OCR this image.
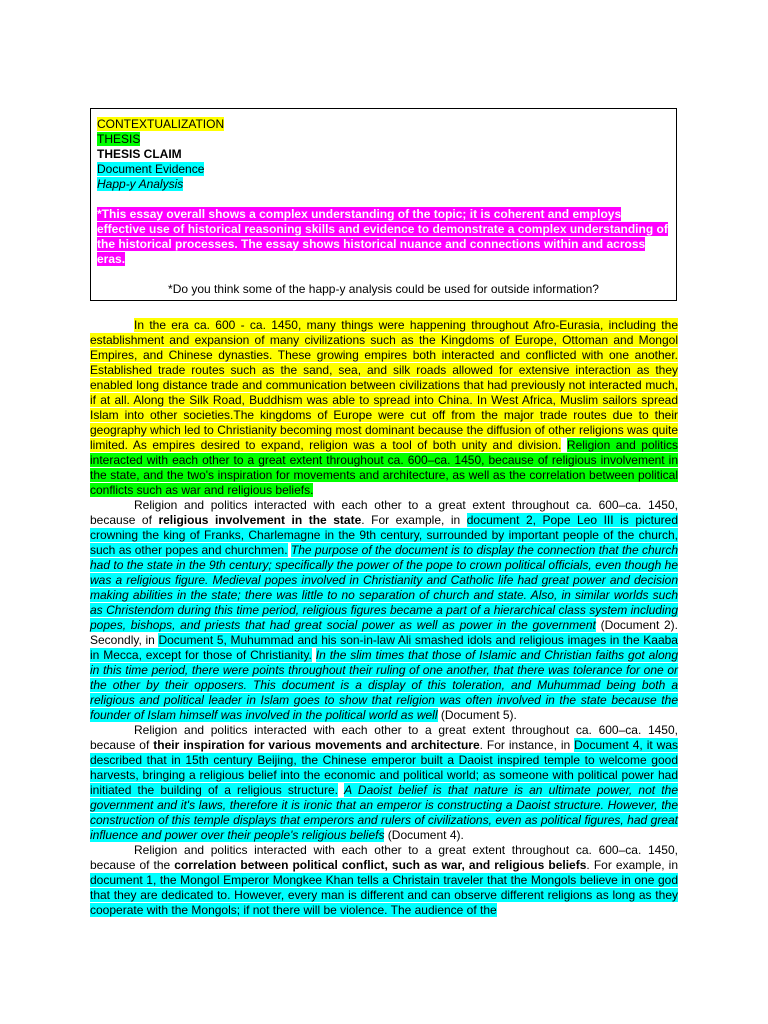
CONTEXTUALIZATION
THESIS
THESIS CLAIM
Document Evidence
Happ-y Analysis
*This essay overall shows a complex understanding of the topic; it is coherent and employs effective use of historical reasoning skills and evidence to demonstrate a complex understanding of the historical processes. The essay shows historical nuance and connections within and across eras.
*Do you think some of the happ-y analysis could be used for outside information?

In the era ca. 600 - ca. 1450, many things were happening throughout Afro-Eurasia, including the establishment and expansion of many civilizations such as the Kingdoms of Europe, Ottoman and Mongol Empires, and Chinese dynasties. These growing empires both interacted and conflicted with one another. Established trade routes such as the sand, sea, and silk roads allowed for extensive interaction as they enabled long distance trade and communication between civilizations that had previously not interacted much, if at all. Along the Silk Road, Buddhism was able to spread into China. In West Africa, Muslim sailors spread Islam into other societies.The kingdoms of Europe were cut off from the major trade routes due to their geography which led to Christianity becoming most dominant because the diffusion of other religions was quite limited. As empires desired to expand, religion was a tool of both unity and division. Religion and politics interacted with each other to a great extent throughout ca. 600–ca. 1450, because of religious involvement in the state, and the two's inspiration for movements and architecture, as well as the correlation between political conflicts such as war and religious beliefs.

Religion and politics interacted with each other to a great extent throughout ca. 600–ca. 1450, because of religious involvement in the state. For example, in document 2, Pope Leo III is pictured crowning the king of Franks, Charlemagne in the 9th century, surrounded by important people of the church, such as other popes and churchmen. The purpose of the document is to display the connection that the church had to the state in the 9th century; specifically the power of the pope to crown political officials, even though he was a religious figure. Medieval popes involved in Christianity and Catholic life had great power and decision making abilities in the state; there was little to no separation of church and state. Also, in similar worlds such as Christendom during this time period, religious figures became a part of a hierarchical class system including popes, bishops, and priests that had great social power as well as power in the government (Document 2). Secondly, in Document 5, Muhummad and his son-in-law Ali smashed idols and religious images in the Kaaba in Mecca, except for those of Christianity. In the slim times that those of Islamic and Christian faiths got along in this time period, there were points throughout their ruling of one another, that there was tolerance for one or the other by their opposers. This document is a display of this toleration, and Muhummad being both a religious and political leader in Islam goes to show that religion was often involved in the state because the founder of Islam himself was involved in the political world as well (Document 5).

Religion and politics interacted with each other to a great extent throughout ca. 600–ca. 1450, because of their inspiration for various movements and architecture. For instance, in Document 4, it was described that in 15th century Beijing, the Chinese emperor built a Daoist inspired temple to welcome good harvests, bringing a religious belief into the economic and political world; as someone with political power had initiated the building of a religious structure. A Daoist belief is that nature is an ultimate power, not the government and it's laws, therefore it is ironic that an emperor is constructing a Daoist structure. However, the construction of this temple displays that emperors and rulers of civilizations, even as political figures, had great influence and power over their people's religious beliefs (Document 4).

Religion and politics interacted with each other to a great extent throughout ca. 600–ca. 1450, because of the correlation between political conflict, such as war, and religious beliefs. For example, in document 1, the Mongol Emperor Mongkee Khan tells a Christain traveler that the Mongols believe in one god that they are dedicated to. However, every man is different and can observe different religions as long as they cooperate with the Mongols; if not there will be violence. The audience of the
